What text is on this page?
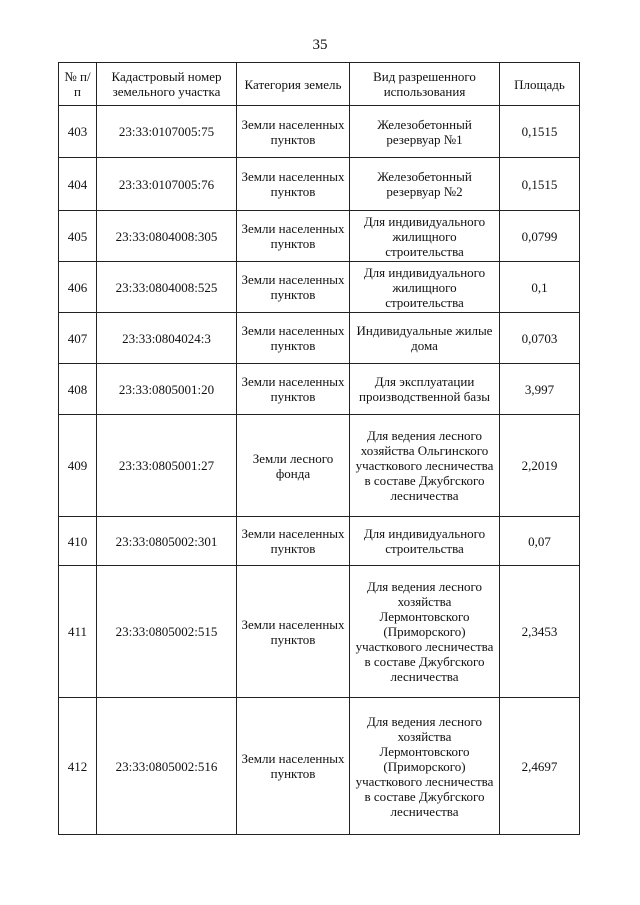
35
№ п/п	Кадастровый номер земельного участка	Категория земель	Вид разрешенного использования	Площадь
403	23:33:0107005:75	Земли населенных пунктов	Железобетонный резервуар №1	0,1515
404	23:33:0107005:76	Земли населенных пунктов	Железобетонный резервуар №2	0,1515
405	23:33:0804008:305	Земли населенных пунктов	Для индивидуального жилищного строительства	0,0799
406	23:33:0804008:525	Земли населенных пунктов	Для индивидуального жилищного строительства	0,1
407	23:33:0804024:3	Земли населенных пунктов	Индивидуальные жилые дома	0,0703
408	23:33:0805001:20	Земли населенных пунктов	Для эксплуатации производственной базы	3,997
409	23:33:0805001:27	Земли лесного фонда	Для ведения лесного хозяйства Ольгинского участкового лесничества в составе Джубгского лесничества	2,2019
410	23:33:0805002:301	Земли населенных пунктов	Для индивидуального строительства	0,07
411	23:33:0805002:515	Земли населенных пунктов	Для ведения лесного хозяйства Лермонтовского (Приморского) участкового лесничества в составе Джубгского лесничества	2,3453
412	23:33:0805002:516	Земли населенных пунктов	Для ведения лесного хозяйства Лермонтовского (Приморского) участкового лесничества в составе Джубгского лесничества	2,4697
